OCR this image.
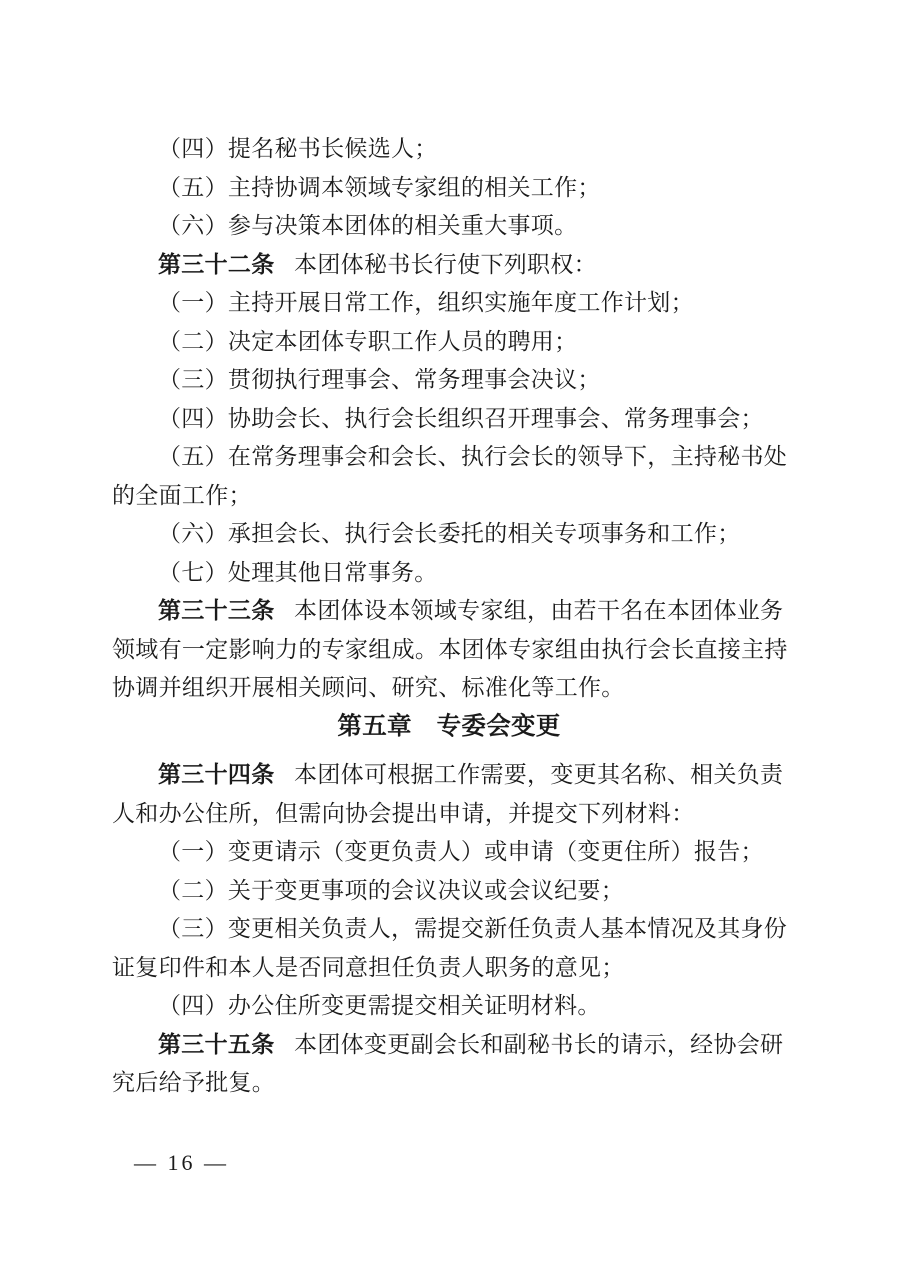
（四）提名秘书长候选人；
（五）主持协调本领域专家组的相关工作；
（六）参与决策本团体的相关重大事项。
第三十二条 本团体秘书长行使下列职权：
（一）主持开展日常工作，组织实施年度工作计划；
（二）决定本团体专职工作人员的聘用；
（三）贯彻执行理事会、常务理事会决议；
（四）协助会长、执行会长组织召开理事会、常务理事会；
（五）在常务理事会和会长、执行会长的领导下，主持秘书处
的全面工作；
（六）承担会长、执行会长委托的相关专项事务和工作；
（七）处理其他日常事务。
第三十三条 本团体设本领域专家组，由若干名在本团体业务
领域有一定影响力的专家组成。本团体专家组由执行会长直接主持
协调并组织开展相关顾问、研究、标准化等工作。
第五章　专委会变更
第三十四条 本团体可根据工作需要，变更其名称、相关负责
人和办公住所，但需向协会提出申请，并提交下列材料：
（一）变更请示（变更负责人）或申请（变更住所）报告；
（二）关于变更事项的会议决议或会议纪要；
（三）变更相关负责人，需提交新任负责人基本情况及其身份
证复印件和本人是否同意担任负责人职务的意见；
（四）办公住所变更需提交相关证明材料。
第三十五条 本团体变更副会长和副秘书长的请示，经协会研
究后给予批复。
— 16 —
